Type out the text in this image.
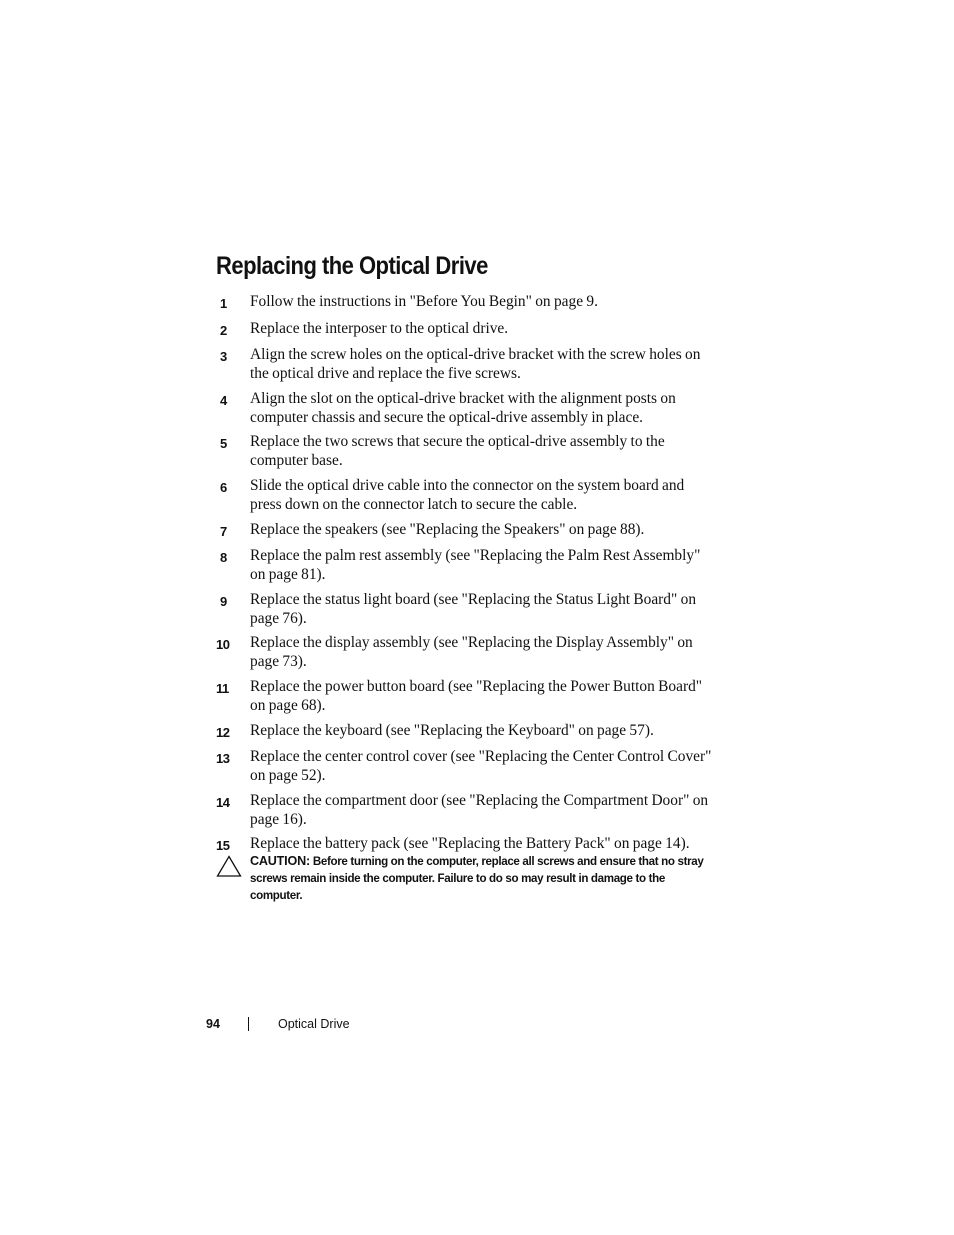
Replacing the Optical Drive
1	Follow the instructions in "Before You Begin" on page 9.
2	Replace the interposer to the optical drive.
3	Align the screw holes on the optical-drive bracket with the screw holes on the optical drive and replace the five screws.
4	Align the slot on the optical-drive bracket with the alignment posts on computer chassis and secure the optical-drive assembly in place.
5	Replace the two screws that secure the optical-drive assembly to the computer base.
6	Slide the optical drive cable into the connector on the system board and press down on the connector latch to secure the cable.
7	Replace the speakers (see "Replacing the Speakers" on page 88).
8	Replace the palm rest assembly (see "Replacing the Palm Rest Assembly" on page 81).
9	Replace the status light board (see "Replacing the Status Light Board" on page 76).
10	Replace the display assembly (see "Replacing the Display Assembly" on page 73).
11	Replace the power button board (see "Replacing the Power Button Board" on page 68).
12	Replace the keyboard (see "Replacing the Keyboard" on page 57).
13	Replace the center control cover (see "Replacing the Center Control Cover" on page 52).
14	Replace the compartment door (see "Replacing the Compartment Door" on page 16).
15	Replace the battery pack (see "Replacing the Battery Pack" on page 14).
CAUTION: Before turning on the computer, replace all screws and ensure that no stray screws remain inside the computer. Failure to do so may result in damage to the computer.
94	Optical Drive
